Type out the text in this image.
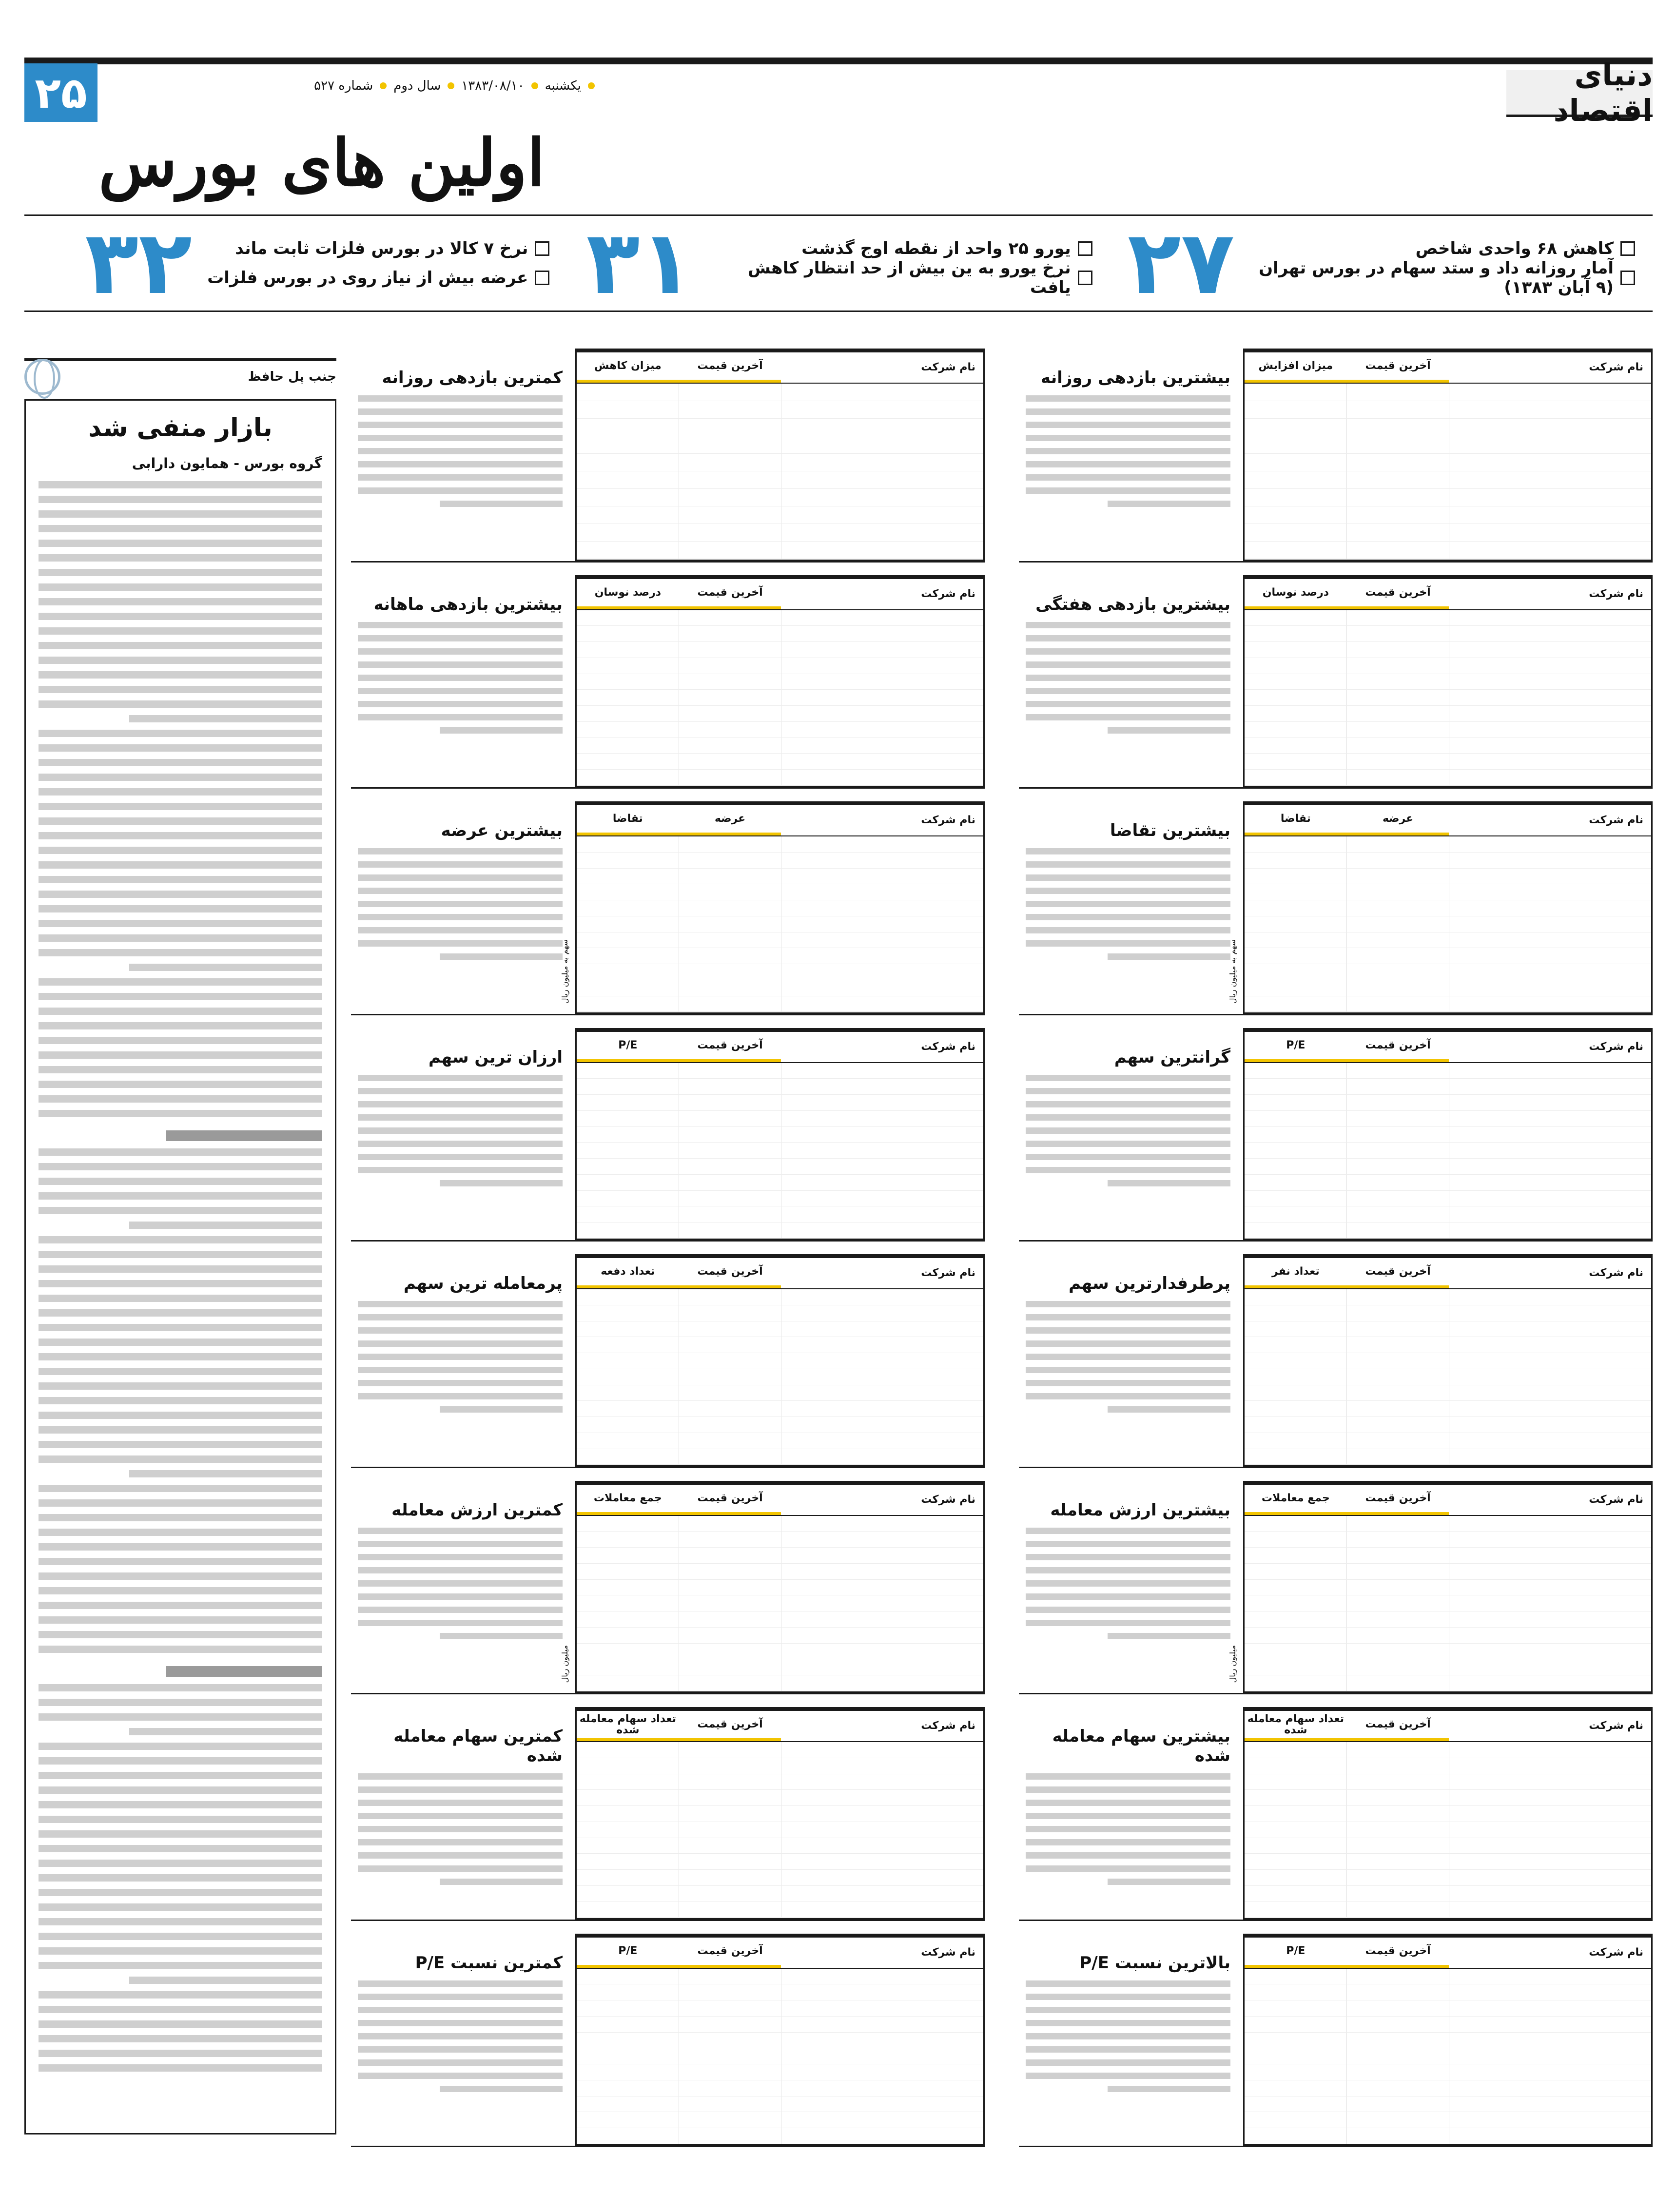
دنیای اقتصاد
یکشنبه
۱۳۸۳/۰۸/۱۰
سال دوم
شماره ۵۲۷
۲۵
اولین های بورس
کاهش ۶۸ واحدی شاخص
آمار روزانه داد و ستد سهام در بورس تهران (۹ آبان ۱۳۸۳)
۲۷
یورو ۲۵ واحد از نقطه اوج گذشت
نرخ یورو به ین بیش از حد انتظار کاهش یافت
۳۱
نرخ ۷ کالا در بورس فلزات ثابت ماند
عرضه بیش از نیاز روی در بورس فلزات
۳۲
جنب پل حافظ
بازار منفی شد
گروه بورس - همایون دارابی
نام شرکت
آخرین قیمت
میزان افزایش
بیشترین بازدهی روزانه
نام شرکت
آخرین قیمت
میزان کاهش
کمترین بازدهی روزانه
نام شرکت
آخرین قیمت
درصد نوسان
بیشترین بازدهی هفتگی
نام شرکت
آخرین قیمت
درصد نوسان
بیشترین بازدهی ماهانه
نام شرکت
عرضه
تقاضا
سهم به میلیون ریال
بیشترین تقاضا
نام شرکت
عرضه
تقاضا
سهم به میلیون ریال
بیشترین عرضه
نام شرکت
آخرین قیمت
P/E
گرانترین سهم
نام شرکت
آخرین قیمت
P/E
ارزان ترین سهم
نام شرکت
آخرین قیمت
تعداد نفر
پرطرفدارترین سهم
نام شرکت
آخرین قیمت
تعداد دفعه
پرمعامله ترین سهم
نام شرکت
آخرین قیمت
جمع معاملات
میلیون ریال
بیشترین ارزش معامله
نام شرکت
آخرین قیمت
جمع معاملات
میلیون ریال
کمترین ارزش معامله
نام شرکت
آخرین قیمت
تعداد سهام معامله شده
بیشترین سهام معامله شده
نام شرکت
آخرین قیمت
تعداد سهام معامله شده
کمترین سهام معامله شده
نام شرکت
آخرین قیمت
P/E
بالاترین نسبت P/E
نام شرکت
آخرین قیمت
P/E
کمترین نسبت P/E
